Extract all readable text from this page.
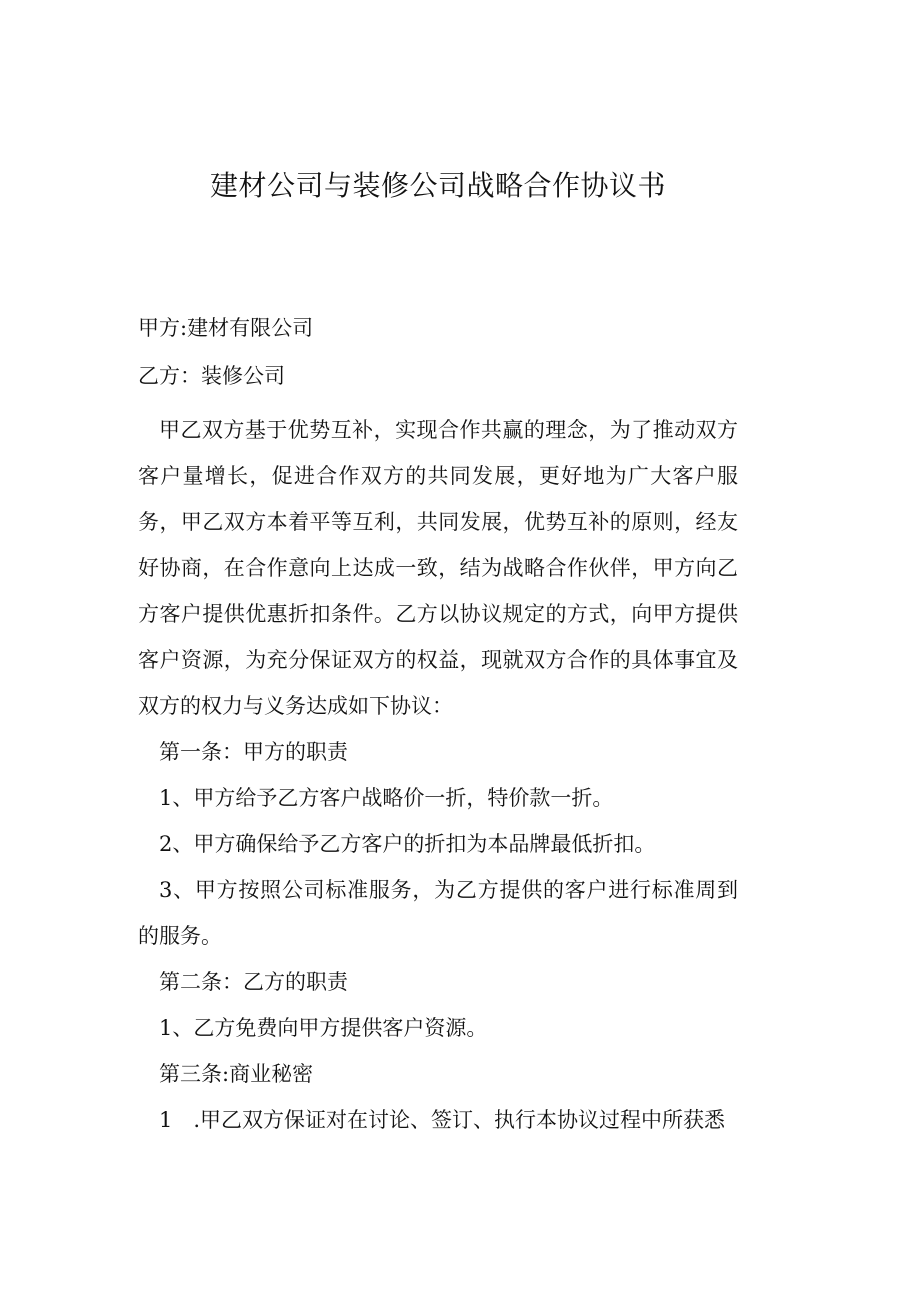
建材公司与装修公司战略合作协议书
甲方:建材有限公司
乙方：装修公司

甲乙双方基于优势互补，实现合作共赢的理念，为了推动双方客户量增长，促进合作双方的共同发展，更好地为广大客户服务，甲乙双方本着平等互利，共同发展，优势互补的原则，经友好协商，在合作意向上达成一致，结为战略合作伙伴，甲方向乙方客户提供优惠折扣条件。乙方以协议规定的方式，向甲方提供客户资源，为充分保证双方的权益，现就双方合作的具体事宜及双方的权力与义务达成如下协议：

第一条：甲方的职责

1、甲方给予乙方客户战略价一折，特价款一折。

2、甲方确保给予乙方客户的折扣为本品牌最低折扣。

3、甲方按照公司标准服务，为乙方提供的客户进行标准周到的服务。

第二条：乙方的职责

1、乙方免费向甲方提供客户资源。

第三条:商业秘密

1　.甲乙双方保证对在讨论、签订、执行本协议过程中所获悉
